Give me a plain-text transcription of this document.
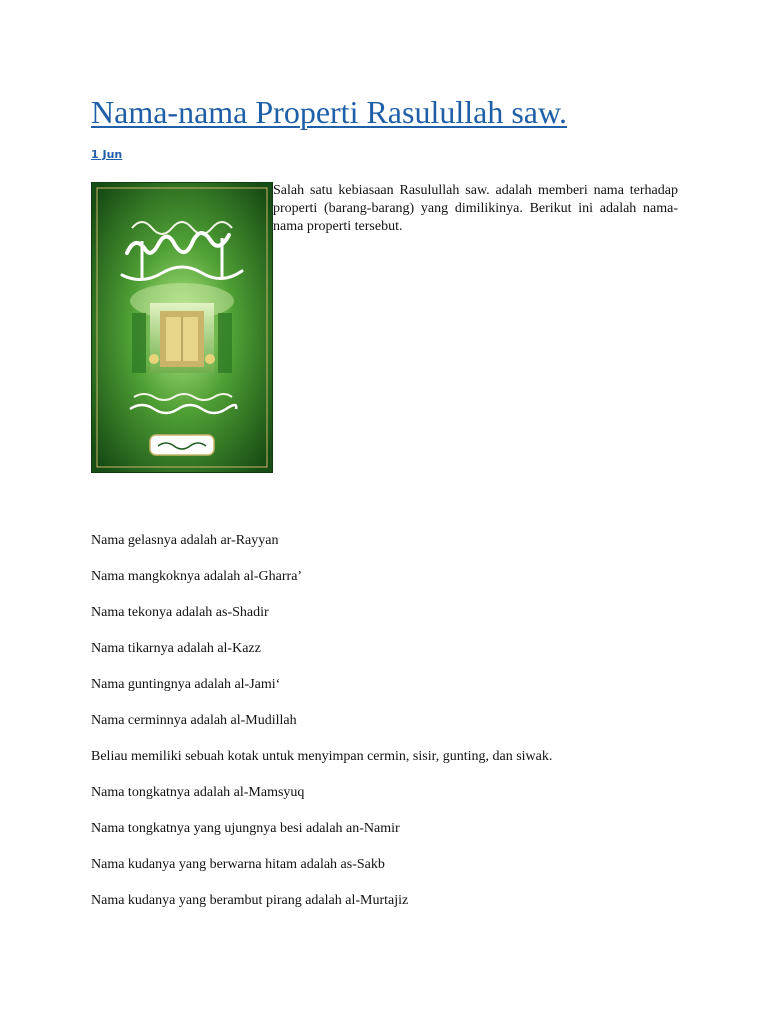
Nama-nama Properti Rasulullah saw.
1 Jun
Salah satu kebiasaan Rasulullah saw. adalah memberi nama terhadap properti (barang-barang) yang dimilikinya. Berikut ini adalah nama-nama properti tersebut.
Nama gelasnya adalah ar-Rayyan
Nama mangkoknya adalah al-Gharra’
Nama tekonya adalah as-Shadir
Nama tikarnya adalah al-Kazz
Nama guntingnya adalah al-Jami‘
Nama cerminnya adalah al-Mudillah
Beliau memiliki sebuah kotak untuk menyimpan cermin, sisir, gunting, dan siwak.
Nama tongkatnya adalah al-Mamsyuq
Nama tongkatnya yang ujungnya besi adalah an-Namir
Nama kudanya yang berwarna hitam adalah as-Sakb
Nama kudanya yang berambut pirang adalah al-Murtajiz
